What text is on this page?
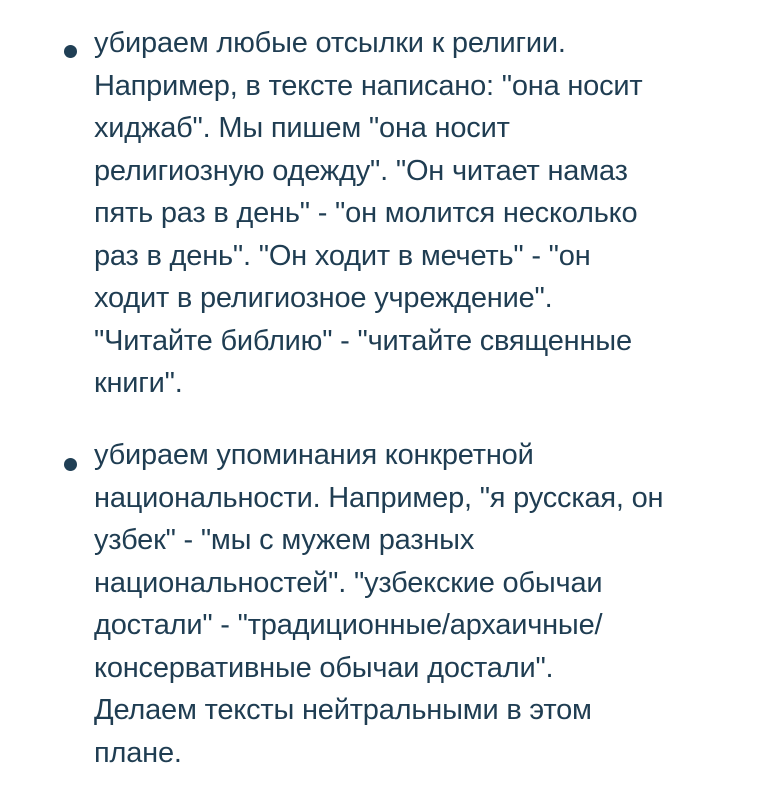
убираем любые отсылки к религии.
Например, в тексте написано: "она носит
хиджаб". Мы пишем "она носит
религиозную одежду". "Он читает намаз
пять раз в день" - "он молится несколько
раз в день". "Он ходит в мечеть" - "он
ходит в религиозное учреждение".
"Читайте библию" - "читайте священные
книги".

убираем упоминания конкретной
национальности. Например, "я русская, он
узбек" - "мы с мужем разных
национальностей". "узбекские обычаи
достали" - "традиционные/архаичные/
консервативные обычаи достали".
Делаем тексты нейтральными в этом
плане.
